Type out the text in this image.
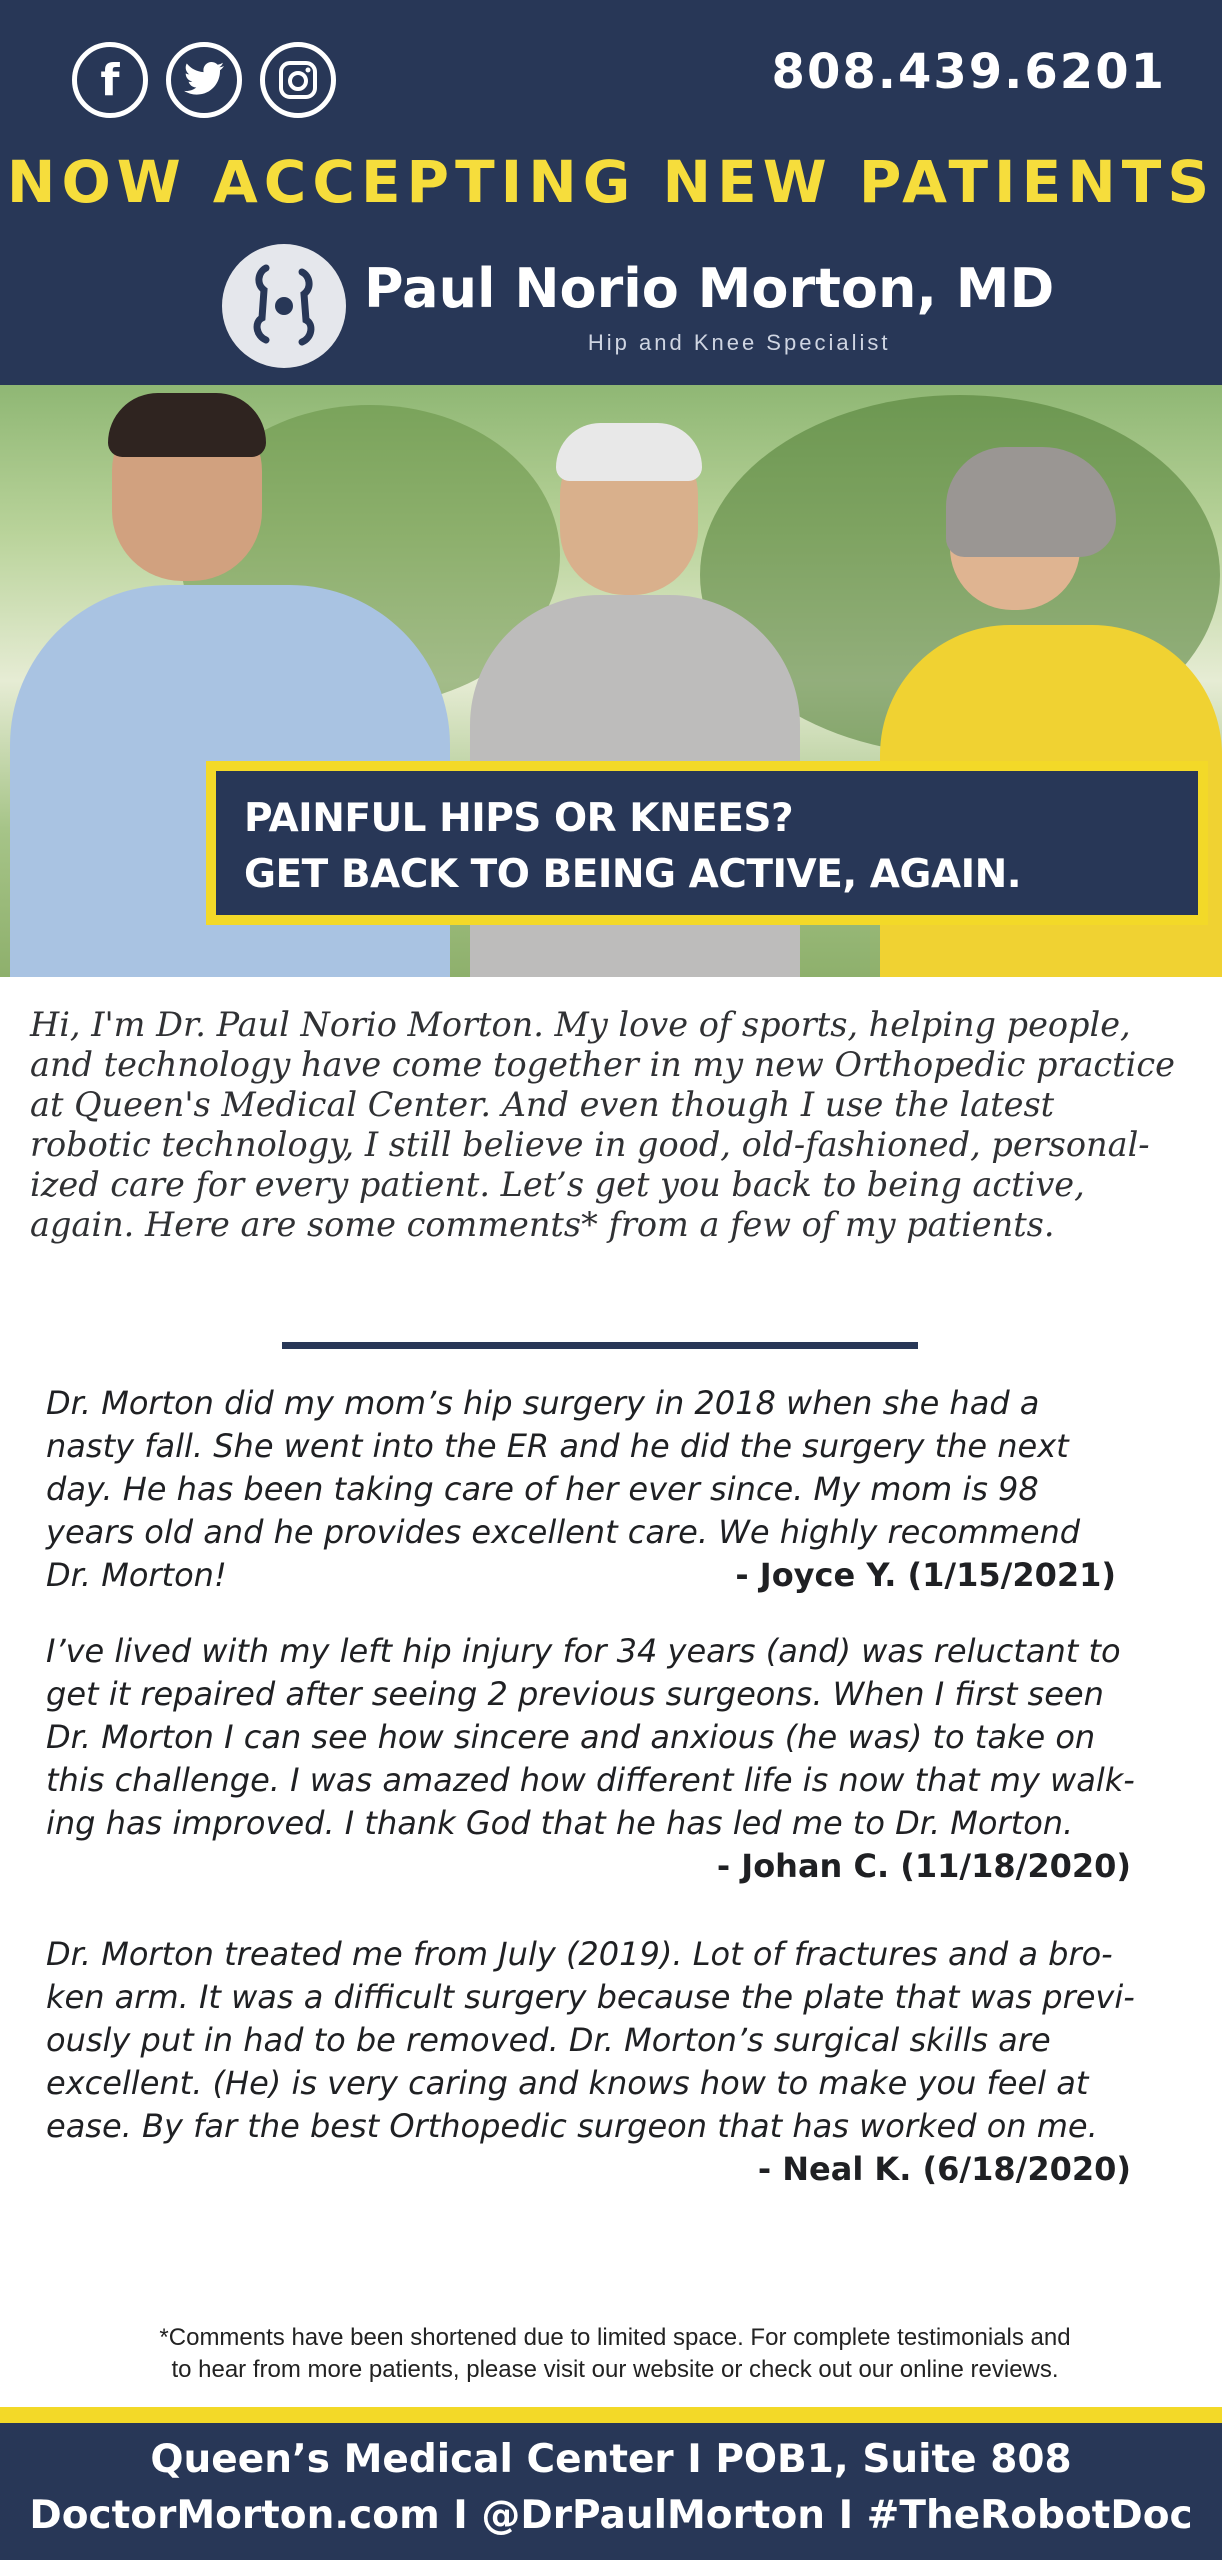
f	808.439.6201
NOW ACCEPTING NEW PATIENTS
Paul Norio Morton, MD
Hip and Knee Specialist
PAINFUL HIPS OR KNEES?
GET BACK TO BEING ACTIVE, AGAIN.
Hi, I'm Dr. Paul Norio Morton. My love of sports, helping people,
and technology have come together in my new Orthopedic practice
at Queen's Medical Center. And even though I use the latest
robotic technology, I still believe in good, old-fashioned, personal-
ized care for every patient. Let’s get you back to being active,
again. Here are some comments* from a few of my patients.
Dr. Morton did my mom’s hip surgery in 2018 when she had a
nasty fall. She went into the ER and he did the surgery the next
day. He has been taking care of her ever since. My mom is 98
years old and he provides excellent care. We highly recommend
Dr. Morton!	- Joyce Y. (1/15/2021)
I’ve lived with my left hip injury for 34 years (and) was reluctant to
get it repaired after seeing 2 previous surgeons. When I first seen
Dr. Morton I can see how sincere and anxious (he was) to take on
this challenge. I was amazed how different life is now that my walk-
ing has improved. I thank God that he has led me to Dr. Morton.
- Johan C. (11/18/2020)
Dr. Morton treated me from July (2019). Lot of fractures and a bro-
ken arm. It was a difficult surgery because the plate that was previ-
ously put in had to be removed. Dr. Morton’s surgical skills are
excellent. (He) is very caring and knows how to make you feel at
ease. By far the best Orthopedic surgeon that has worked on me.
- Neal K. (6/18/2020)
*Comments have been shortened due to limited space. For complete testimonials and
to hear from more patients, please visit our website or check out our online reviews.
Queen’s Medical Center I POB1, Suite 808
DoctorMorton.com I @DrPaulMorton I #TheRobotDoc
